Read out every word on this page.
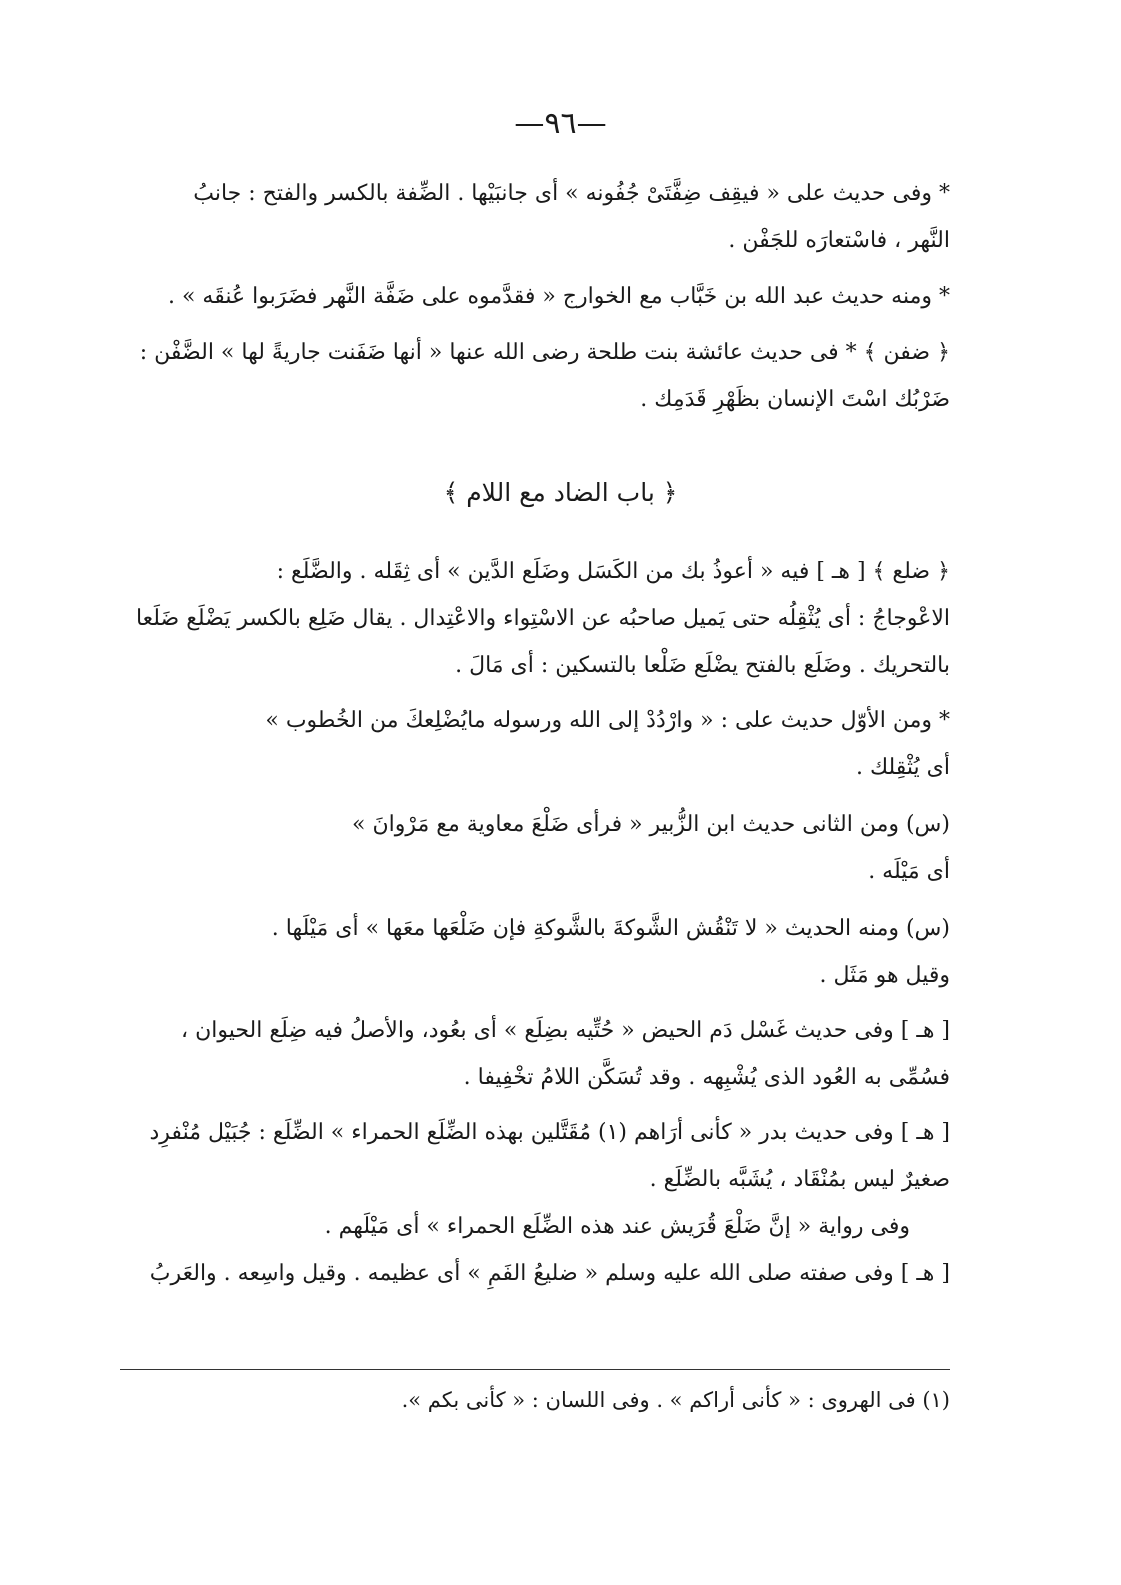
—٩٦—
* وفى حديث على « فيقِف ضِفَّتَىْ جُفُونه » أى جانبَيْها . الضِّفة بالكسر والفتح : جانبُ
النَّهر ، فاسْتعارَه للجَفْن .
* ومنه حديث عبد الله بن خَبَّاب مع الخوارج « فقدَّموه على ضَفَّة النَّهر فضَرَبوا عُنقَه » .
﴿ ضفن ﴾ * فى حديث عائشة بنت طلحة رضى الله عنها « أنها ضَفَنت جاريةً لها » الضَّفْن :
ضَرْبُك اسْتَ الإنسان بظَهْرِ قَدَمِك .
﴿ باب الضاد مع اللام ﴾
﴿ ضلع ﴾ [ هـ ] فيه « أعوذُ بك من الكَسَل وضَلَع الدَّين » أى ثِقَله . والضَّلَع :
الاعْوجاجُ : أى يُثْقِلُه حتى يَميل صاحبُه عن الاسْتِواء والاعْتِدال . يقال ضَلِع بالكسر يَضْلَع ضَلَعا
بالتحريك . وضَلَع بالفتح يضْلَع ضَلْعا بالتسكين : أى مَالَ .
* ومن الأوّل حديث على : « وارْدُدْ إلى الله ورسوله مايُضْلِعكَ من الخُطوب »
أى يُثْقِلك .
(س) ومن الثانى حديث ابن الزُّبير « فرأى ضَلْعَ معاوية مع مَرْوانَ »
أى مَيْلَه .
(س) ومنه الحديث « لا تَنْقُش الشَّوكةَ بالشَّوكةِ فإن ضَلْعَها معَها » أى مَيْلَها .
وقيل هو مَثَل .
[ هـ ] وفى حديث غَسْل دَم الحيض « حُتِّيه بضِلَع » أى بعُود، والأصلُ فيه ضِلَع الحيوان ،
فسُمِّى به العُود الذى يُشْبِهه . وقد تُسَكَّن اللامُ تخْفِيفا .
[ هـ ] وفى حديث بدر « كأنى أرَاهم (١) مُقَتَّلين بهذه الضِّلَع الحمراء » الضِّلَع : جُبَيْل مُنْفرِد
صغيرٌ ليس بمُنْقَاد ، يُشَبَّه بالضِّلَع .
وفى رواية « إنَّ ضَلْعَ قُرَيش عند هذه الضِّلَع الحمراء » أى مَيْلَهم .
[ هـ ] وفى صفته صلى الله عليه وسلم « ضليعُ الفَمِ » أى عظيمه . وقيل واسِعه . والعَربُ
(١) فى الهروى : « كأنى أراكم » . وفى اللسان : « كأنى بكم ».
